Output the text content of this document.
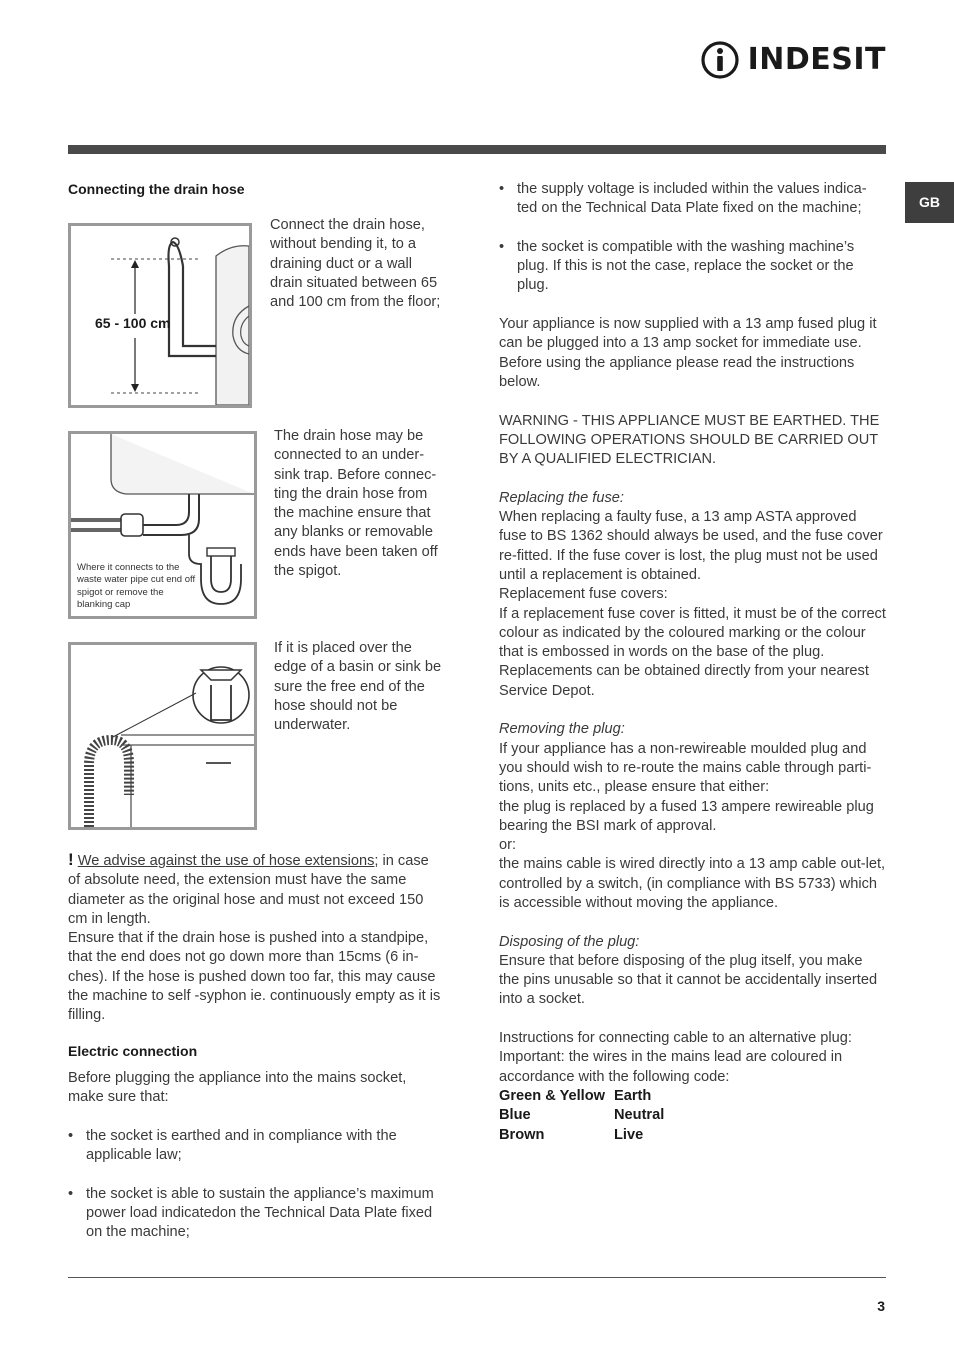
INDESIT
GB
Connecting the drain hose
65 - 100 cm
Connect the drain hose, without bending it, to a draining duct or a wall drain situated between 65 and 100 cm from the floor;
Where it connects to the waste water pipe cut end off spigot or remove the blanking cap
The drain hose may be connected to an under-sink trap. Before connec-ting the drain hose from the machine ensure that any blanks or removable ends have been taken off the spigot.
If it is placed over the edge of a basin or sink be sure the free end of the hose should not be underwater.

! We advise against the use of hose extensions; in case of absolute need, the extension must have the same diameter as the original hose and must not exceed 150 cm in length.

Ensure that if the drain hose is pushed into a standpipe, that the end does not go down more than 15cms (6 in-ches). If the hose is pushed down too far, this may cause the machine to self -syphon ie. continuously empty as it is filling.

Electric connection

Before plugging the appliance into the mains socket, make sure that:

• the socket is earthed and in compliance with the applicable law;
• the socket is able to sustain the appliance’s maximum power load indicatedon the Technical Data Plate fixed on the machine;
• the supply voltage is included within the values indica-ted on the Technical Data Plate fixed on the machine;
• the socket is compatible with the washing machine’s plug. If this is not the case, replace the socket or the plug.

Your appliance is now supplied with a 13 amp fused plug it can be plugged into a 13 amp socket for immediate use. Before using the appliance please read the instructions below.

WARNING - THIS APPLIANCE MUST BE EARTHED. THE FOLLOWING OPERATIONS SHOULD BE CARRIED OUT BY A QUALIFIED ELECTRICIAN.

Replacing the fuse:

When replacing a faulty fuse, a 13 amp ASTA approved fuse to BS 1362 should always be used, and the fuse cover re-fitted. If the fuse cover is lost, the plug must not be used until a replacement is obtained.

Replacement fuse covers:

If a replacement fuse cover is fitted, it must be of the correct colour as indicated by the coloured marking or the colour that is embossed in words on the base of the plug. Replacements can be obtained directly from your nearest Service Depot.

Removing the plug:

If your appliance has a non-rewireable moulded plug and you should wish to re-route the mains cable through parti-tions, units etc., please ensure that either:

the plug is replaced by a fused 13 ampere rewireable plug bearing the BSI mark of approval.

or:

the mains cable is wired directly into a 13 amp cable out-let, controlled by a switch, (in compliance with BS 5733) which is accessible without moving the appliance.

Disposing of the plug:

Ensure that before disposing of the plug itself, you make the pins unusable so that it cannot be accidentally inserted into a socket.

Instructions for connecting cable to an alternative plug:

Important: the wires in the mains lead are coloured in accordance with the following code:

Green & Yellow Earth
Blue	Neutral
Brown	Live
3
